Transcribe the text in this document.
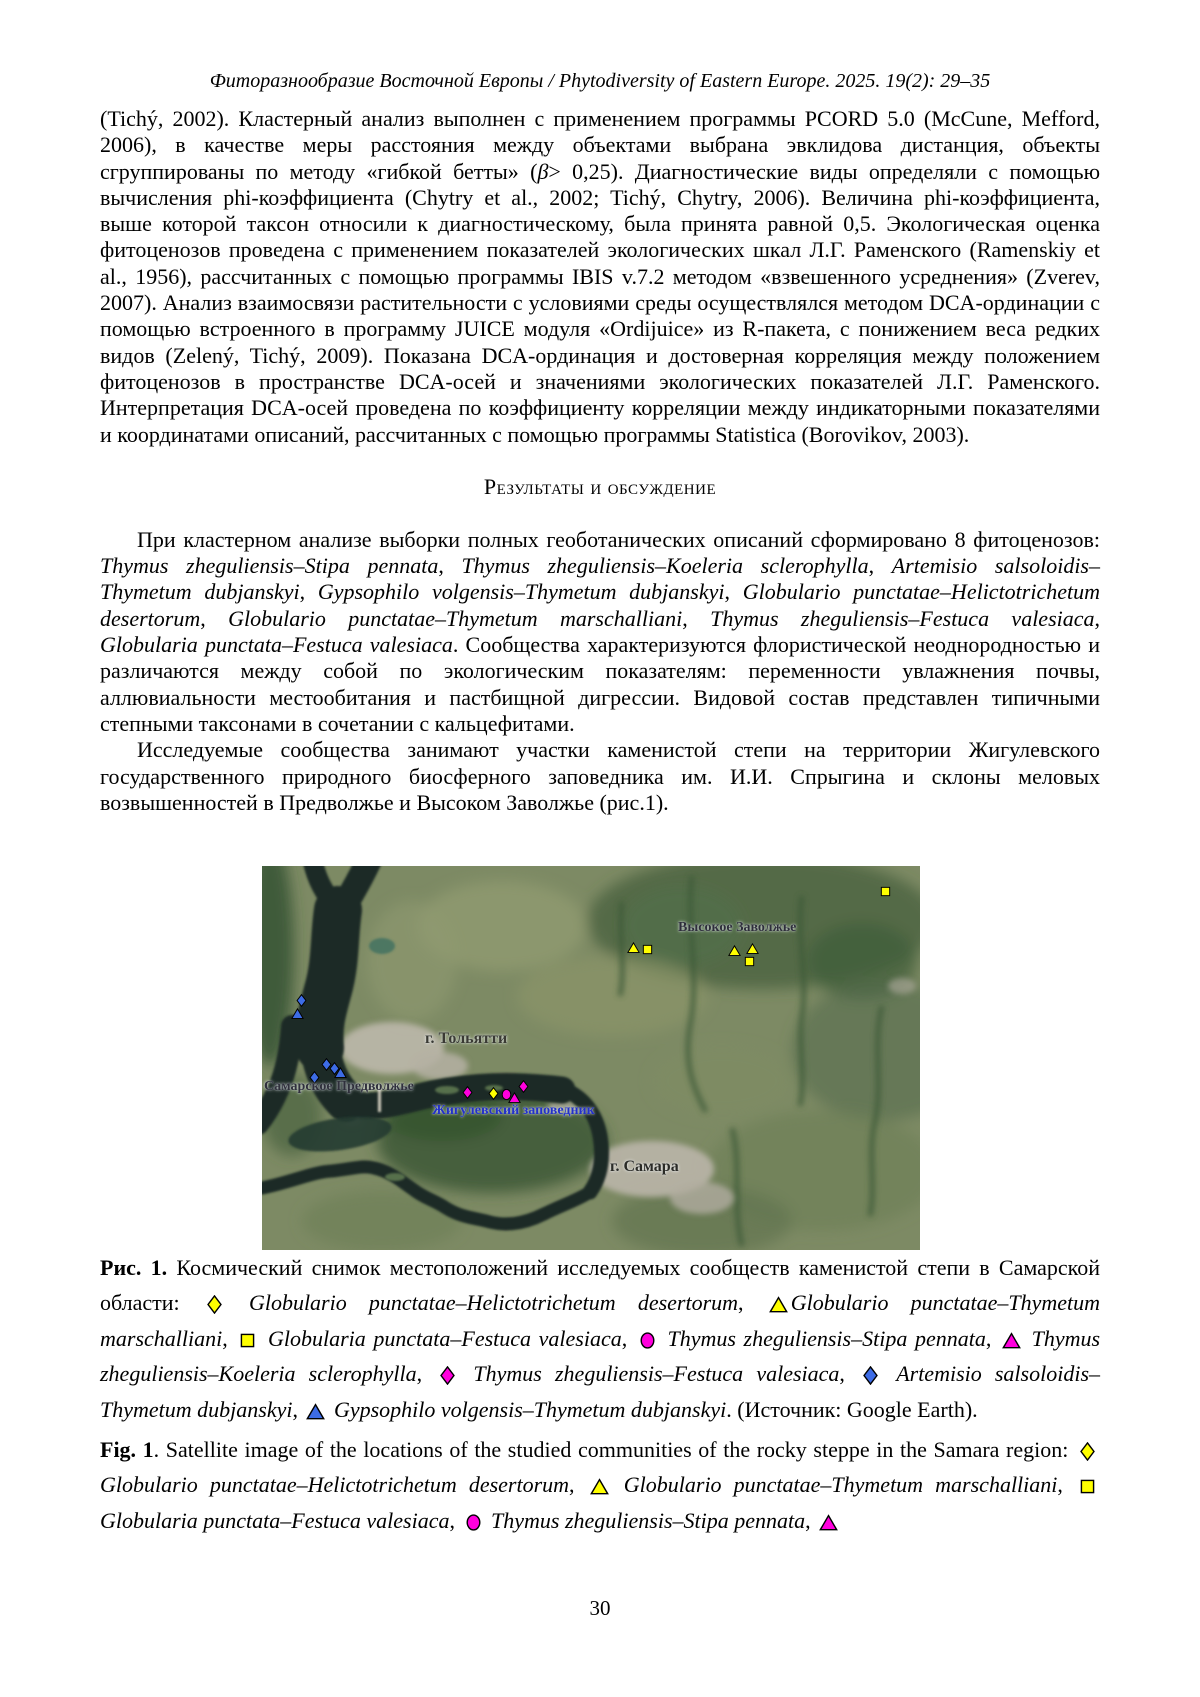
Фиторазнообразие Восточной Европы / Phytodiversity of Eastern Europe. 2025. 19(2): 29–35

(Tichý, 2002). Кластерный анализ выполнен с применением программы PCORD 5.0 (McCune, Mefford, 2006), в качестве меры расстояния между объектами выбрана эвклидова дистанция, объекты сгруппированы по методу «гибкой бетты» (β> 0,25). Диагностические виды определяли с помощью вычисления phi-коэффициента (Chytry et al., 2002; Tichý, Chytry, 2006). Величина phi-коэффициента, выше которой таксон относили к диагностическому, была принята равной 0,5. Экологическая оценка фитоценозов проведена с применением показателей экологических шкал Л.Г. Раменского (Ramenskiy et al., 1956), рассчитанных с помощью программы IBIS v.7.2 методом «взвешенного усреднения» (Zverev, 2007). Анализ взаимосвязи растительности с условиями среды осуществлялся методом DCA-ординации с помощью встроенного в программу JUICE модуля «Ordijuice» из R-пакета, с понижением веса редких видов (Zelený, Tichý, 2009). Показана DCA-ординация и достоверная корреляция между положением фитоценозов в пространстве DCA-осей и значениями экологических показателей Л.Г. Раменского. Интерпретация DCA-осей проведена по коэффициенту корреляции между индикаторными показателями и координатами описаний, рассчитанных с помощью программы Statistica (Borovikov, 2003).

Результаты и обсуждение

При кластерном анализе выборки полных геоботанических описаний сформировано 8 фитоценозов: Thymus zheguliensis–Stipa pennata, Thymus zheguliensis–Koeleria sclerophylla, Artemisio salsoloidis–Thymetum dubjanskyi, Gypsophilo volgensis–Thymetum dubjanskyi, Globulario punctatae–Helictotrichetum desertorum, Globulario punctatae–Thymetum marschalliani, Thymus zheguliensis–Festuca valesiaca, Globularia punctata–Festuca valesiaca. Сообщества характеризуются флористической неоднородностью и различаются между собой по экологическим показателям: переменности увлажнения почвы, аллювиальности местообитания и пастбищной дигрессии. Видовой состав представлен типичными степными таксонами в сочетании с кальцефитами.

Исследуемые сообщества занимают участки каменистой степи на территории Жигулевского государственного природного биосферного заповедника им. И.И. Спрыгина и склоны меловых возвышенностей в Предволжье и Высоком Заволжье (рис.1).

Высокое Заволжье
г. Тольятти
Самарское Предволжье
Жигулевский заповедник
г. Самара
Рис. 1. Космический снимок местоположений исследуемых сообществ каменистой степи в Самарской области:  Globulario punctatae–Helictotrichetum desertorum, Globulario punctatae–Thymetum marschalliani,  Globularia punctata–Festuca valesiaca,  Thymus zheguliensis–Stipa pennata,  Thymus zheguliensis–Koeleria sclerophylla,  Thymus zheguliensis–Festuca valesiaca,  Artemisio salsoloidis–Thymetum dubjanskyi,  Gypsophilo volgensis–Thymetum dubjanskyi. (Источник: Google Earth).
Fig. 1. Satellite image of the locations of the studied communities of the rocky steppe in the Samara region:  Globulario punctatae–Helictotrichetum desertorum,  Globulario punctatae–Thymetum marschalliani,  Globularia punctata–Festuca valesiaca,  Thymus zheguliensis–Stipa pennata,
30
